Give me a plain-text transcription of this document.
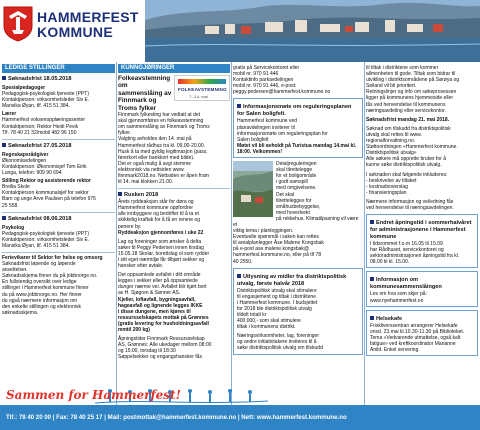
HAMMERFEST
KOMMUNE
LEDIGE STILLINGER
Søknadsfrist 18.05.2018
Spesialpedagoger
Pedagogisk-psykologisk tjeneste (PPT)
Kontaktperson: virksomhetsleder Siv E.
Mansika Øyan, tlf. 415 51 384.
Lærer
Hammerfest voksenopplæringssenter
Kontaktperson: Rektor Heidi Pevik
Tlf. 78 40 21 32/mobil 482 96 150
Søknadsfrist 27.05.2018
Regnskapsrådgiver
Økonomiavdelingen
Kontaktperson: Økonomisjef Tom Eirik
Lunga, telefon: 909 90 694
Stilling Rektor og assisterende rektor
Breilia Skole
Kontaktperson kommunalsjef for sektor
Barn og unge Arve Paulsen på telefon 976
25 558.
Søknadsfrist 08.06.2018
Psykolog
Pedagogisk-psykologisk tjeneste (PPT)
Kontaktperson: virksomhetsleder Siv E.
Mansika Øyan, tlf. 415 51 384.
Ferievikarer til Sektor for helse og omsorg
Søknadsfrist løpende og løpende
ansettelser.
Søknadsskjema finner du på jobbnorge.no.
En fullstendig oversikt over ledige
stillinger i Hammerfest kommune finner
du på www.jobbnorge.no. Her finner
du også nærmere informasjon om
den enkelte stillingen og elektronisk
søknadsskjema.
KUNNGJØRINGER
Folkeavstemning om sammenslåing av Finnmark og Troms fylker
FOLKEAVSTEMNING
7.–14. mai
Finnmark fylkesting har vedtatt at det
skal gjennomføres en folkeavstemning
om sammenslåing av Finnmark og Troms
fylker.
Valgting avholdes den 14. mai på
Hammerfest rådhus tra kl. 09.00-20.00.
Husk å ta med gyldig legitimasjon (pass,
førerkort eller bankkort med bilde).
Det er også mulig å avgi stemme
elektronisk via nettsiden www.
finnmark2018.no. Nettsiden er åpen fram
til 14. mai klokken 21.00.
Rusken 2018
Årets ryddeaksjon står for døra og
Hammerfest kommune oppfordrer
alle innbyggere og bedrifter til å ta et
skikkelig kraftak for å få en renere og
penere by.
Ryddeaksjon gjennomføres i uke 22
Lag og foreninger som ønsker å delta
søker til Peggy Pedersen innen tirsdag
15.05.18 Skolar, borettslag ol som rydder
i sitt eget nærmiljø får tilbjørt sekker og
hansker etter avtale.
Det oppsamlede avfallet i ditt område
legges i sekker eller på oppsamlede
dunger nærme vei. Avfallet blir kjørt bort
av H. Sjøgren & Sønner AS.
Kjeller, loftavfall, bygningsavfall,
hageavfall og lignende legges IKKE
i disse dungene, men kjøres til
ressursselskapets mottak på Grønnes
(gratis levering for husholdningsavfall
mmtil 200 kg)
Åpningstider Finnmark Ressursselskap
AS, Grønnes: Alle ukedager mellom 08:00
og 15:00, torsdag til 18:30
Søppelsekker og engangshansker fås
gratis på Servicekontoret eller
mobil nr. 970 91 446
Kontaktinfo parkavdelingen
mobil nr. 970 91 446, e-post:
peggy.pedersen@hammerfest.kommune.no
Informasjonsmøte om reguleringsplanen for Salen boligfelt.
Hammerfest kommune ved
planavdelingen inviterer til
informasjonsmøte om reguleringsplan for
Salen boligfelt
Møtet vil bli avholdt på Turistua mandag 14.mai kl. 18:00. Velkommen!
Detaljreguleringen
skal tilrettelegge
for et boligområde
i godt samspill
med omgivelsene.
Det skal
tilrettelegges for
småhusbebyggelse,
med hovedvekt
på rekkehus. Klimatilpasning vil være et
viktig tema i planleggingen.
Eventuelle spørsmål i saken kan rettes
til arealplanlegger Åse Malene Kongsbak
på e-post ase.malene.kongsbak@
hammerfest.kommune.no, eller på tlf 78
40 2550.
Utlysning av midler fra distriktspolitisk utvalg, første halvår 2018
Distriktspolitisk utvalg skal stimulere
til engasjement og tiltak i distriktene
i Hammerfest kommune. I budsjettet
for 2018 ble distriktspolitisk utvalg
tildelt totalt kr
400.000,- som skal stimulere
tiltak i kommunens distrikt.
Næringsvirksomheter, lag, foreninger
og andre initiativtakere inviteres til å
søke distriktspolitisk utvalg om tilskudd
til tiltak i distriktene som kommer
allmenheten til gode. Tiltak som bidrar til
utvikling i distriktsområdene på Sørøya og
Seiland vil bli prioritert.
Retningslinjer og info om søkeprosessen
ligger på kommunens hjemmeside eller
fås ved henvendelse til kommunens
næringsavdeling eller servicekontor.
Søknadsfrist mandag 21. mai 2018.
Søknad om tilskudd fra distriktspolitisk
utvalg skal rettes til www.
regionalforvaltning.no.
Støttoordningen «Hammerfest kommune.
Distriktspolitisk utvalg»
Alle søkere må opprette bruker for å
kunne søke distriktspolitisk utvalg.
I søknaden skal følgende inkluderes:
- beskrivelse av tiltaket
- kostnadsoverslag
- finansieringsplan
Nærmere informasjon og veiledning fås
ved henvendelse til næringsavdelingen.
Endret åpningstid i sommerhalvåret for administrasjonene i Hammerfest kommune
I tidsrommet f.o.m 16.05 til 15.09
har Rådhuset, servicekontoret og
sektoradministrasjonen åpningstid fra kl.
08.00 til kl. 15.00.
Informasjon om kommunesammenslåingen
Les om hva som skjer på:
www.nyehammerfest.no
Helsekafe
Friskliverssentran arrangerer Helsekafe
onsd. 23.mai kl.10.30-11.30 på Biblioteket.
Tema «Vedvarende utmattelse, også kalt
fatigue» ved kreftkoordinator Marianne
Anild. Enkel servering
Sammen for Hammerfest!
Tlf.: 78 40 20 00 | Fax: 78 40 25 17 | Mail: postmottak@hammerfest.kommune.no | Nett: www.hammerfest.kommune.no
